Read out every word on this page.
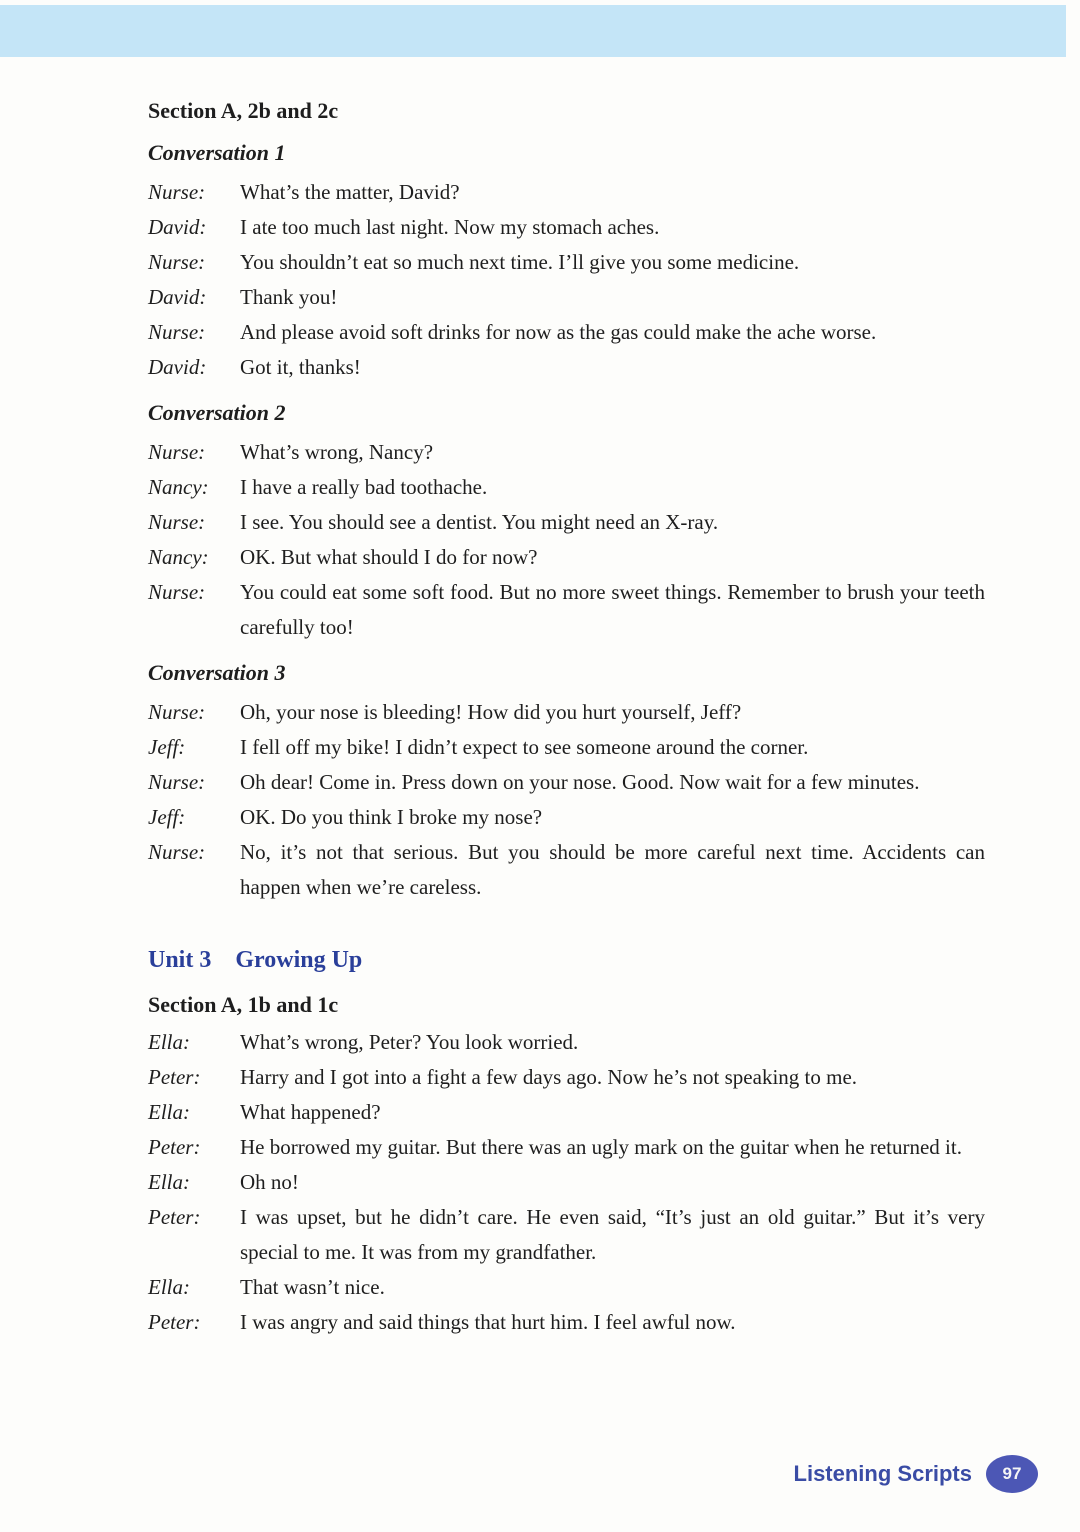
Section A, 2b and 2c
Conversation 1
Nurse:	What’s the matter, David?

David:	I ate too much last night. Now my stomach aches.

Nurse:	You shouldn’t eat so much next time. I’ll give you some medicine.

David:	Thank you!

Nurse:	And please avoid soft drinks for now as the gas could make the ache worse.

David:	Got it, thanks!

Conversation 2
Nurse:	What’s wrong, Nancy?

Nancy:	I have a really bad toothache.

Nurse:	I see. You should see a dentist. You might need an X-ray.

Nancy:	OK. But what should I do for now?

Nurse:	You could eat some soft food. But no more sweet things. Remember to brush your teeth carefully too!

Conversation 3
Nurse:	Oh, your nose is bleeding! How did you hurt yourself, Jeff?

Jeff:	I fell off my bike! I didn’t expect to see someone around the corner.

Nurse:	Oh dear! Come in. Press down on your nose. Good. Now wait for a few minutes.

Jeff:	OK. Do you think I broke my nose?

Nurse:	No, it’s not that serious. But you should be more careful next time. Accidents can happen when we’re careless.

Unit 3 Growing Up
Section A, 1b and 1c
Ella:	What’s wrong, Peter? You look worried.

Peter:	Harry and I got into a fight a few days ago. Now he’s not speaking to me.

Ella:	What happened?

Peter:	He borrowed my guitar. But there was an ugly mark on the guitar when he returned it.

Ella:	Oh no!

Peter:	I was upset, but he didn’t care. He even said, “It’s just an old guitar.” But it’s very special to me. It was from my grandfather.

Ella:	That wasn’t nice.

Peter:	I was angry and said things that hurt him. I feel awful now.

Listening Scripts 97
